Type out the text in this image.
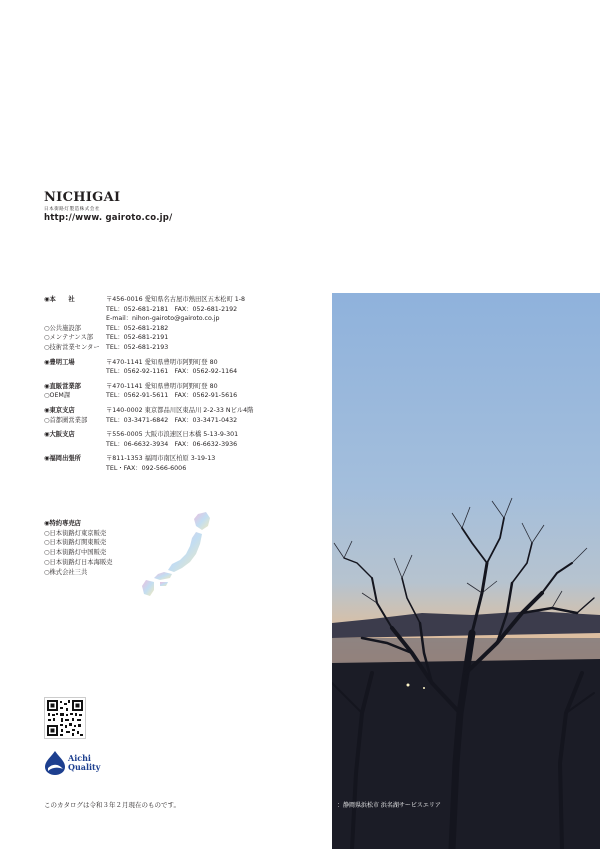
NICHIGAI
日本街路灯製造株式会社
http://www. gairoto.co.jp/
◉本　　社	〒456-0016 愛知県名古屋市熱田区五本松町 1-8
TEL：052-681-2181　FAX：052-681-2192
E-mail：nihon-gairoto@gairoto.co.jp
○公共施設部	TEL：052-681-2182
○メンテナンス部	TEL：052-681-2191
○技術営業センター	TEL：052-681-2193
◉豊明工場	〒470-1141 愛知県豊明市阿野町登 80
TEL：0562-92-1161　FAX：0562-92-1164
◉直販営業部	〒470-1141 愛知県豊明市阿野町登 80
○OEM課	TEL：0562-91-5611　FAX：0562-91-5616
◉東京支店	〒140-0002 東京都品川区東品川 2-2-33 Nビル4階
○首都圏営業部	TEL：03-3471-6842　FAX：03-3471-0432
◉大阪支店	〒556-0005 大阪市浪速区日本橋 5-13-9-301
TEL：06-6632-3934　FAX：06-6632-3936
◉福岡出張所	〒811-1353 福岡市南区柏原 3-19-13
TEL・FAX：092-566-6006
◉特約専売店
○日本街路灯東京販売
○日本街路灯関東販売
○日本街路灯中国販売
○日本街路灯日本海販売
○株式会社三共
Aichi
Quality
このカタログは令和３年２月現在のものです。	：静岡県浜松市 浜名湖サービスエリア
